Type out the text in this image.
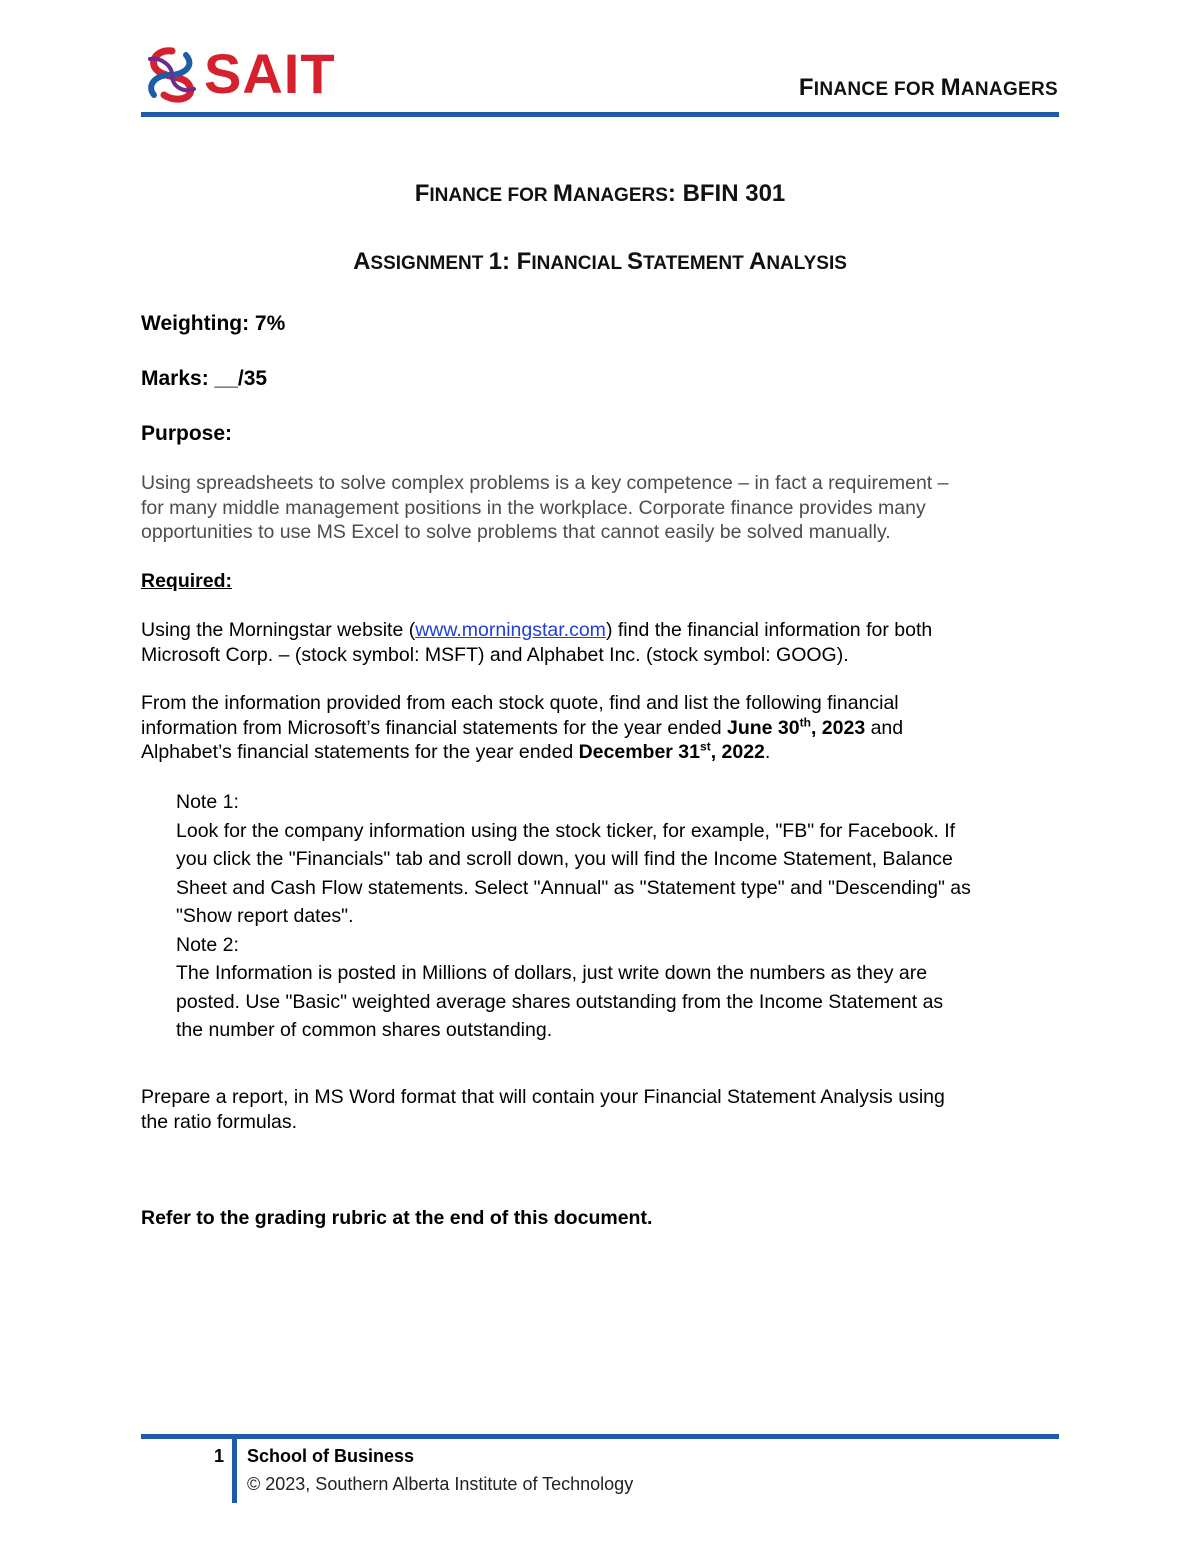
SAIT	FINANCE FOR MANAGERS
FINANCE FOR MANAGERS: BFIN 301
ASSIGNMENT 1: FINANCIAL STATEMENT ANALYSIS
Weighting: 7%
Marks: __/35
Purpose:
Using spreadsheets to solve complex problems is a key competence – in fact a requirement –
for many middle management positions in the workplace. Corporate finance provides many
opportunities to use MS Excel to solve problems that cannot easily be solved manually.
Required:
Using the Morningstar website (www.morningstar.com) find the financial information for both
Microsoft Corp. – (stock symbol: MSFT) and Alphabet Inc. (stock symbol: GOOG).
From the information provided from each stock quote, find and list the following financial
information from Microsoft’s financial statements for the year ended June 30th, 2023 and
Alphabet’s financial statements for the year ended December 31st, 2022.
Note 1:
Look for the company information using the stock ticker, for example, "FB" for Facebook. If
you click the "Financials" tab and scroll down, you will find the Income Statement, Balance
Sheet and Cash Flow statements. Select "Annual" as "Statement type" and "Descending" as
"Show report dates".
Note 2:
The Information is posted in Millions of dollars, just write down the numbers as they are
posted. Use "Basic" weighted average shares outstanding from the Income Statement as
the number of common shares outstanding.
Prepare a report, in MS Word format that will contain your Financial Statement Analysis using
the ratio formulas.
Refer to the grading rubric at the end of this document.
1 School of Business
© 2023, Southern Alberta Institute of Technology
